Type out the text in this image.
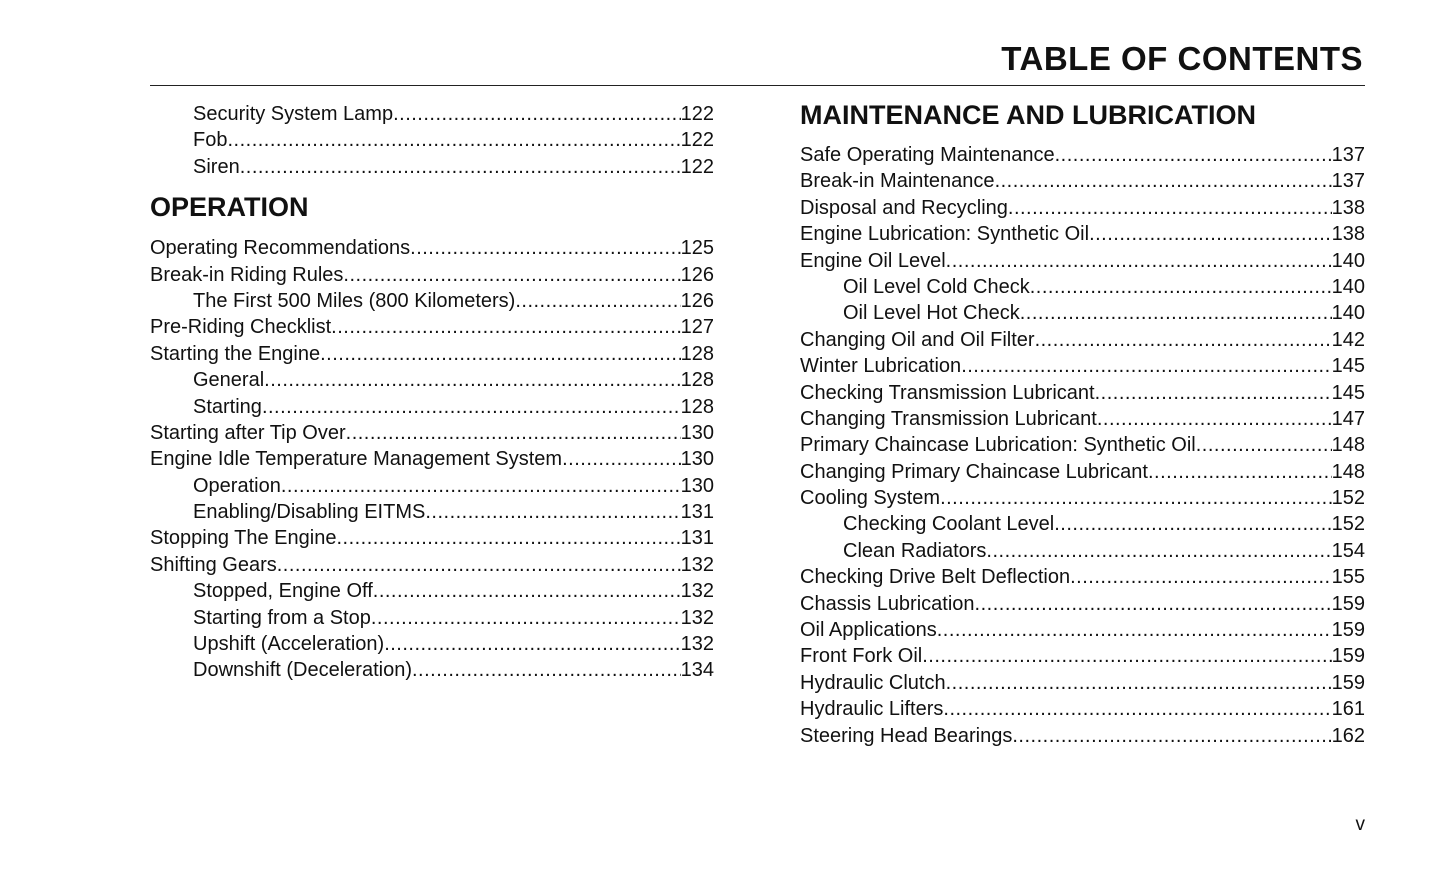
TABLE OF CONTENTS
Security System Lamp .....	122
Fob .....	122
Siren .....	122
OPERATION
Operating Recommendations .....	125
Break-in Riding Rules .....	126
The First 500 Miles (800 Kilometers) .....	126
Pre-Riding Checklist .....	127
Starting the Engine .....	128
General .....	128
Starting .....	128
Starting after Tip Over .....	130
Engine Idle Temperature Management System .....	130
Operation .....	130
Enabling/Disabling EITMS .....	131
Stopping The Engine .....	131
Shifting Gears .....	132
Stopped, Engine Off .....	132
Starting from a Stop .....	132
Upshift (Acceleration) .....	132
Downshift (Deceleration) .....	134
MAINTENANCE AND LUBRICATION
Safe Operating Maintenance .....	137
Break-in Maintenance .....	137
Disposal and Recycling .....	138
Engine Lubrication: Synthetic Oil .....	138
Engine Oil Level .....	140
Oil Level Cold Check .....	140
Oil Level Hot Check .....	140
Changing Oil and Oil Filter .....	142
Winter Lubrication .....	145
Checking Transmission Lubricant .....	145
Changing Transmission Lubricant .....	147
Primary Chaincase Lubrication: Synthetic Oil .....	148
Changing Primary Chaincase Lubricant .....	148
Cooling System .....	152
Checking Coolant Level .....	152
Clean Radiators .....	154
Checking Drive Belt Deflection .....	155
Chassis Lubrication .....	159
Oil Applications .....	159
Front Fork Oil .....	159
Hydraulic Clutch .....	159
Hydraulic Lifters .....	161
Steering Head Bearings .....	162
v
